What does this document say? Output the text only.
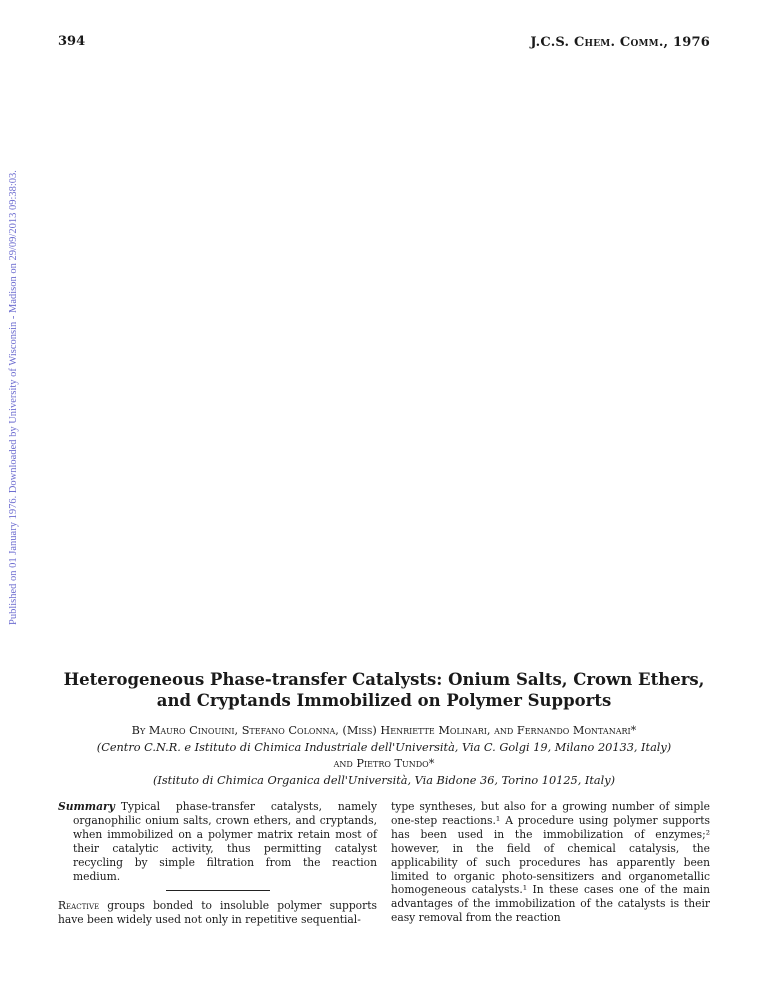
394	J.C.S. Chem. Comm., 1976
Published on 01 January 1976. Downloaded by University of Wisconsin - Madison on 29/09/2013 09:38:03.
Heterogeneous Phase-transfer Catalysts: Onium Salts, Crown Ethers, and Cryptands Immobilized on Polymer Supports
By Mauro Cinouini, Stefano Colonna, (Miss) Henriette Molinari, and Fernando Montanari*
(Centro C.N.R. e Istituto di Chimica Industriale dell'Università, Via C. Golgi 19, Milano 20133, Italy)
and Pietro Tundo*
(Istituto di Chimica Organica dell'Università, Via Bidone 36, Torino 10125, Italy)

Summary Typical phase-transfer catalysts, namely organophilic onium salts, crown ethers, and cryptands, when immobilized on a polymer matrix retain most of their catalytic activity, thus permitting catalyst recycling by simple filtration from the reaction medium.

Reactive groups bonded to insoluble polymer supports have been widely used not only in repetitive sequential-

type syntheses, but also for a growing number of simple one-step reactions.¹ A procedure using polymer supports has been used in the immobilization of enzymes;² however, in the field of chemical catalysis, the applicability of such procedures has apparently been limited to organic photo-sensitizers and organometallic homogeneous catalysts.¹ In these cases one of the main advantages of the immobilization of the catalysts is their easy removal from the reaction
